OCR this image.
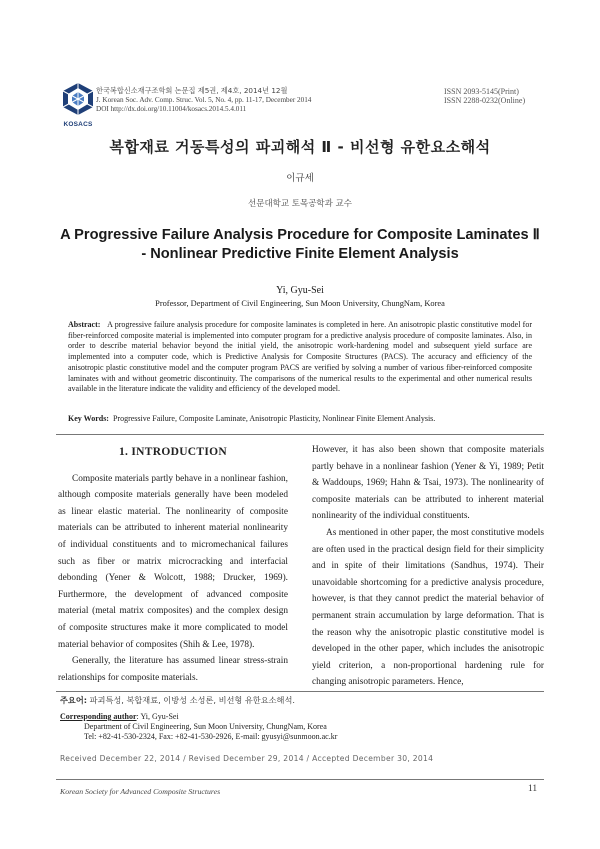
KOSACS
한국복합신소재구조학회 논문집 제5권, 제4호, 2014년 12월
J. Korean Soc. Adv. Comp. Struc. Vol. 5, No. 4, pp. 11-17, December 2014
DOI http://dx.doi.org/10.11004/kosacs.2014.5.4.011
ISSN 2093-5145(Print)
ISSN 2288-0232(Online)
복합재료 거동특성의 파괴해석 Ⅱ - 비선형 유한요소해석
이규세
선문대학교 토목공학과 교수
A Progressive Failure Analysis Procedure for Composite Laminates Ⅱ
- Nonlinear Predictive Finite Element Analysis
Yi, Gyu-Sei
Professor, Department of Civil Engineering, Sun Moon University, ChungNam, Korea
Abstract: A progressive failure analysis procedure for composite laminates is completed in here. An anisotropic plastic constitutive model for fiber-reinforced composite material is implemented into computer program for a predictive analysis procedure of composite laminates. Also, in order to describe material behavior beyond the initial yield, the anisotropic work-hardening model and subsequent yield surface are implemented into a computer code, which is Predictive Analysis for Composite Structures (PACS). The accuracy and efficiency of the anisotropic plastic constitutive model and the computer program PACS are verified by solving a number of various fiber-reinforced composite laminates with and without geometric discontinuity. The comparisons of the numerical results to the experimental and other numerical results available in the literature indicate the validity and efficiency of the developed model.
Key Words: Progressive Failure, Composite Laminate, Anisotropic Plasticity, Nonlinear Finite Element Analysis.
1. INTRODUCTION

Composite materials partly behave in a nonlinear fashion, although composite materials generally have been modeled as linear elastic material. The nonlinearity of composite materials can be attributed to inherent material nonlinearity of individual constituents and to micromechanical failures such as fiber or matrix microcracking and interfacial debonding (Yener & Wolcott, 1988; Drucker, 1969). Furthermore, the development of advanced composite material (metal matrix composites) and the complex design of composite structures make it more complicated to model material behavior of composites (Shih & Lee, 1978).

Generally, the literature has assumed linear stress-strain relationships for composite materials.

However, it has also been shown that composite materials partly behave in a nonlinear fashion (Yener & Yi, 1989; Petit & Waddoups, 1969; Hahn & Tsai, 1973). The nonlinearity of composite materials can be attributed to inherent material nonlinearity of the individual constituents.

As mentioned in other paper, the most constitutive models are often used in the practical design field for their simplicity and in spite of their limitations (Sandhus, 1974). Their unavoidable shortcoming for a predictive analysis procedure, however, is that they cannot predict the material behavior of permanent strain accumulation by large deformation. That is the reason why the anisotropic plastic constitutive model is developed in the other paper, which includes the anisotropic yield criterion, a non-proportional hardening rule for changing anisotropic parameters. Hence,

주요어: 파괴특성, 복합재료, 이방성 소성론, 비선형 유한요소해석.
Corresponding author: Yi, Gyu-Sei
Department of Civil Engineering, Sun Moon University, ChungNam, Korea
Tel: +82-41-530-2324, Fax: +82-41-530-2926, E-mail: gyusyi@sunmoon.ac.kr
Received December 22, 2014 / Revised December 29, 2014 / Accepted December 30, 2014
Korean Society for Advanced Composite Structures	11
